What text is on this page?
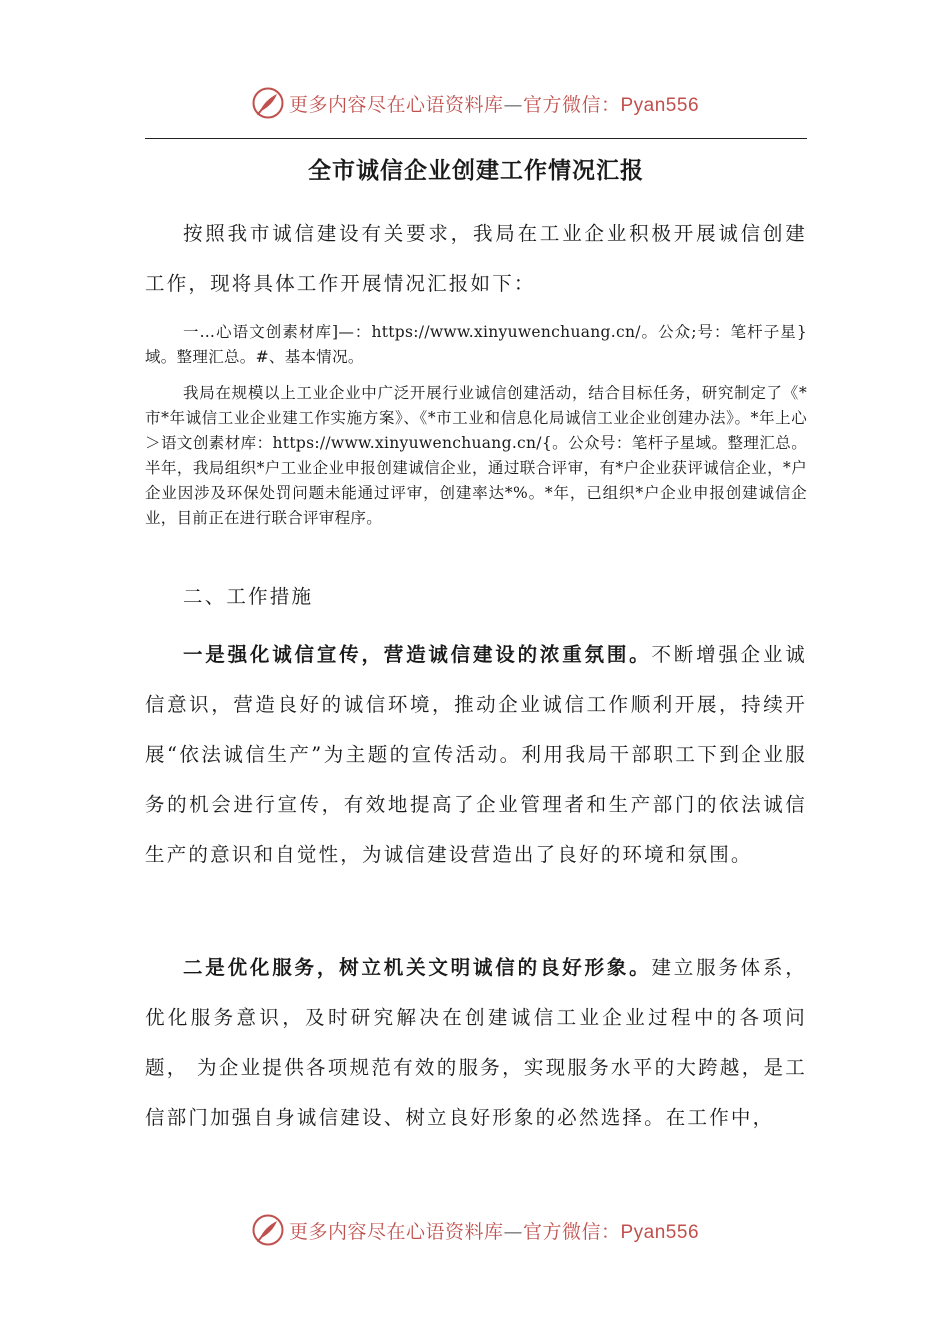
更多内容尽在心语资料库—官方微信：Pyan556
全市诚信企业创建工作情况汇报

按照我市诚信建设有关要求，我局在工业企业积极开展诚信创建工作，现将具体工作开展情况汇报如下：

一…心语文创素材库]—：https://www.xinyuwenchuang.cn/。公众;号：笔杆子星}域。整理汇总。#、基本情况。

我局在规模以上工业企业中广泛开展行业诚信创建活动，结合目标任务，研究制定了《*市*年诚信工业企业建工作实施方案》、《*市工业和信息化局诚信工业企业创建办法》。*年上心＞语文创素材库：https://www.xinyuwenchuang.cn/{。公众号：笔杆子星域。整理汇总。半年，我局组织*户工业企业申报创建诚信企业，通过联合评审，有*户企业获评诚信企业，*户企业因涉及环保处罚问题未能通过评审，创建率达*%。*年，已组织*户企业申报创建诚信企业，目前正在进行联合评审程序。

二、工作措施

一是强化诚信宣传，营造诚信建设的浓重氛围。不断增强企业诚信意识，营造良好的诚信环境，推动企业诚信工作顺利开展，持续开展“依法诚信生产”为主题的宣传活动。利用我局干部职工下到企业服务的机会进行宣传，有效地提高了企业管理者和生产部门的依法诚信生产的意识和自觉性，为诚信建设营造出了良好的环境和氛围。

二是优化服务，树立机关文明诚信的良好形象。建立服务体系，优化服务意识，及时研究解决在创建诚信工业企业过程中的各项问题， 为企业提供各项规范有效的服务，实现服务水平的大跨越，是工信部门加强自身诚信建设、树立良好形象的必然选择。在工作中，

更多内容尽在心语资料库—官方微信：Pyan556
